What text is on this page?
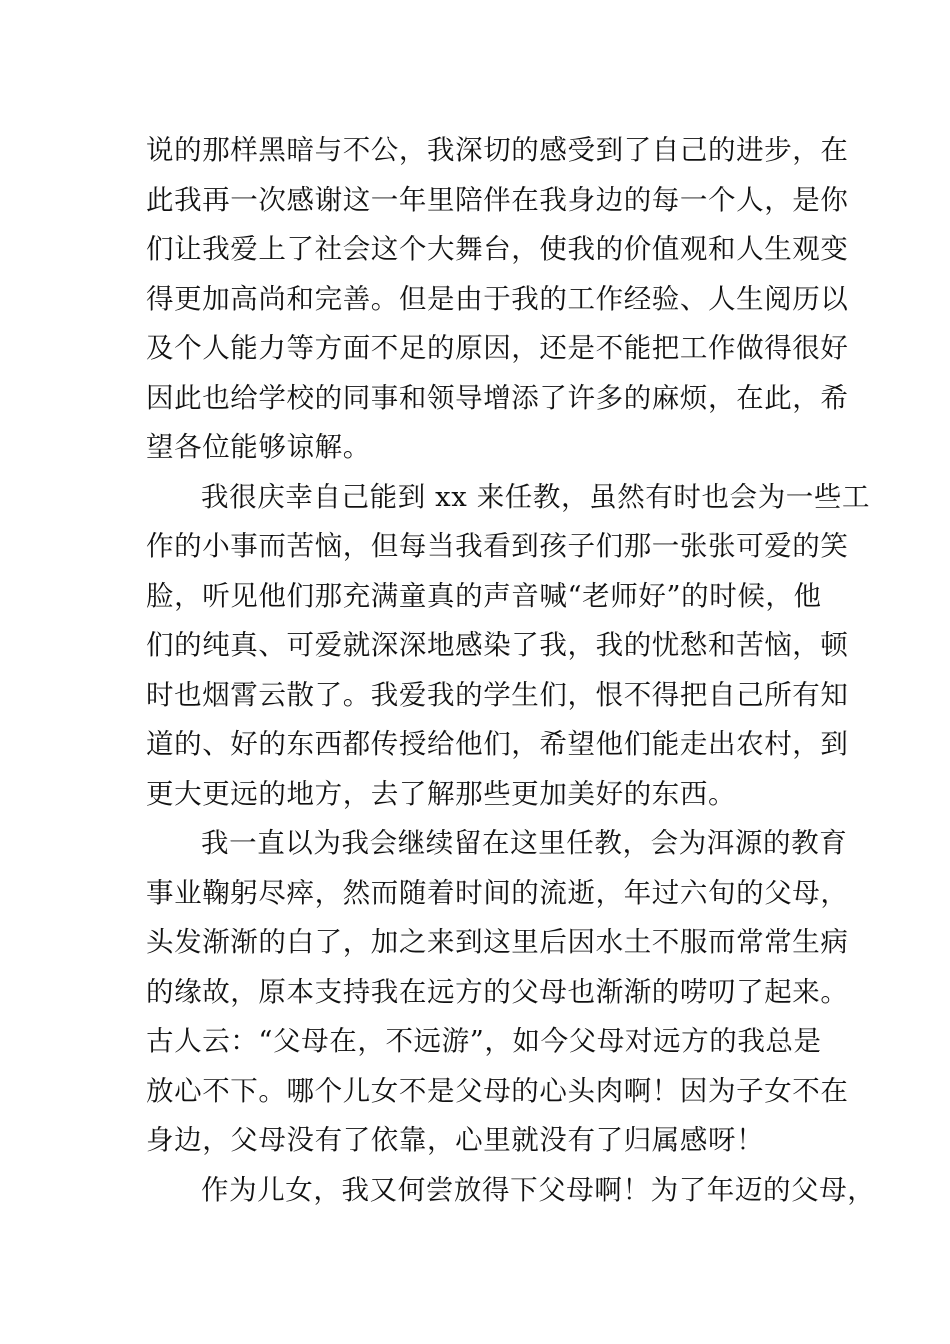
说的那样黑暗与不公，我深切的感受到了自己的进步，在
此我再一次感谢这一年里陪伴在我身边的每一个人，是你
们让我爱上了社会这个大舞台，使我的价值观和人生观变
得更加高尚和完善。但是由于我的工作经验、人生阅历以
及个人能力等方面不足的原因，还是不能把工作做得很好
因此也给学校的同事和领导增添了许多的麻烦，在此，希
望各位能够谅解。
我很庆幸自己能到 xx 来任教，虽然有时也会为一些工
作的小事而苦恼，但每当我看到孩子们那一张张可爱的笑
脸，听见他们那充满童真的声音喊“老师好”的时候，他
们的纯真、可爱就深深地感染了我，我的忧愁和苦恼，顿
时也烟霄云散了。我爱我的学生们，恨不得把自己所有知
道的、好的东西都传授给他们，希望他们能走出农村，到
更大更远的地方，去了解那些更加美好的东西。
我一直以为我会继续留在这里任教，会为洱源的教育
事业鞠躬尽瘁，然而随着时间的流逝，年过六旬的父母，
头发渐渐的白了，加之来到这里后因水土不服而常常生病
的缘故，原本支持我在远方的父母也渐渐的唠叨了起来。
古人云：“父母在，不远游”，如今父母对远方的我总是
放心不下。哪个儿女不是父母的心头肉啊！因为子女不在
身边，父母没有了依靠，心里就没有了归属感呀！
作为儿女，我又何尝放得下父母啊！为了年迈的父母，
